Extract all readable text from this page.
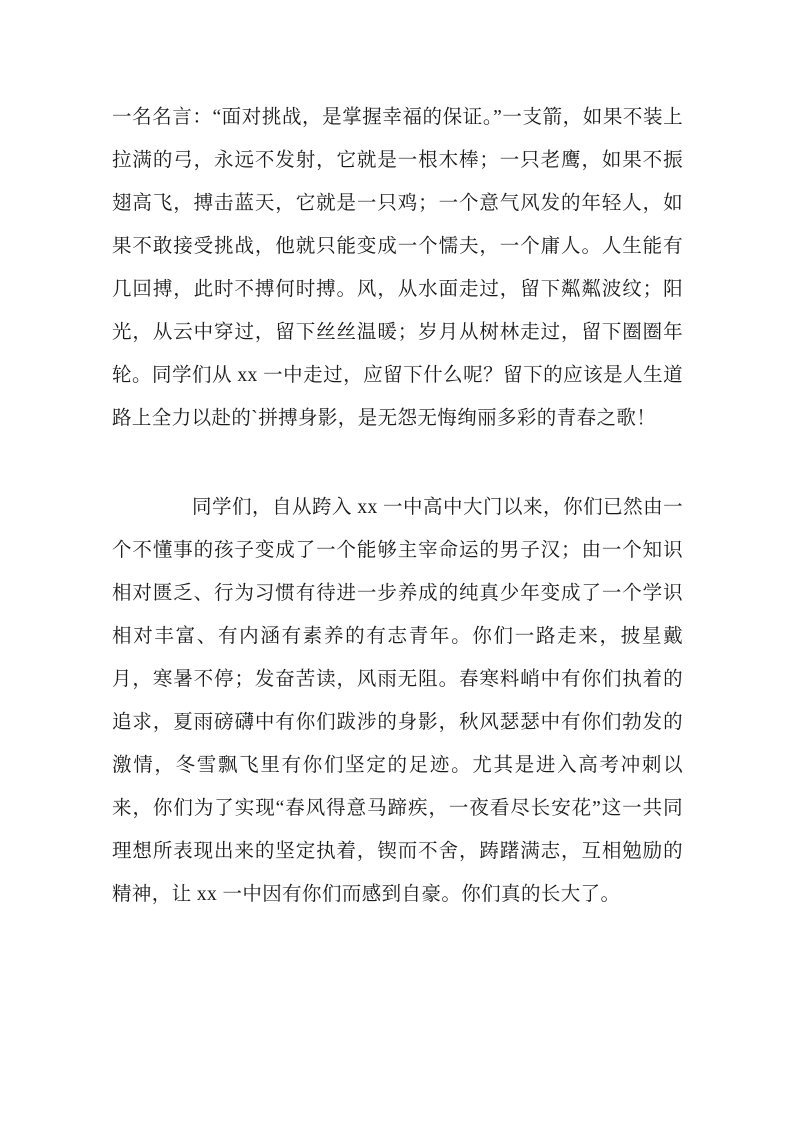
一名名言：“面对挑战，是掌握幸福的保证。”一支箭，如果不装上拉满的弓，永远不发射，它就是一根木棒；一只老鹰，如果不振翅高飞，搏击蓝天，它就是一只鸡；一个意气风发的年轻人，如果不敢接受挑战，他就只能变成一个懦夫，一个庸人。人生能有几回搏，此时不搏何时搏。风，从水面走过，留下粼粼波纹；阳光，从云中穿过，留下丝丝温暖；岁月从树林走过，留下圈圈年轮。同学们从 xx 一中走过，应留下什么呢？留下的应该是人生道路上全力以赴的`拼搏身影，是无怨无悔绚丽多彩的青春之歌！

同学们，自从跨入 xx 一中高中大门以来，你们已然由一个不懂事的孩子变成了一个能够主宰命运的男子汉；由一个知识相对匮乏、行为习惯有待进一步养成的纯真少年变成了一个学识相对丰富、有内涵有素养的有志青年。你们一路走来，披星戴月，寒暑不停；发奋苦读，风雨无阻。春寒料峭中有你们执着的追求，夏雨磅礴中有你们跋涉的身影，秋风瑟瑟中有你们勃发的激情，冬雪飘飞里有你们坚定的足迹。尤其是进入高考冲刺以来，你们为了实现“春风得意马蹄疾，一夜看尽长安花”这一共同理想所表现出来的坚定执着，锲而不舍，踌躇满志，互相勉励的精神，让 xx 一中因有你们而感到自豪。你们真的长大了。
